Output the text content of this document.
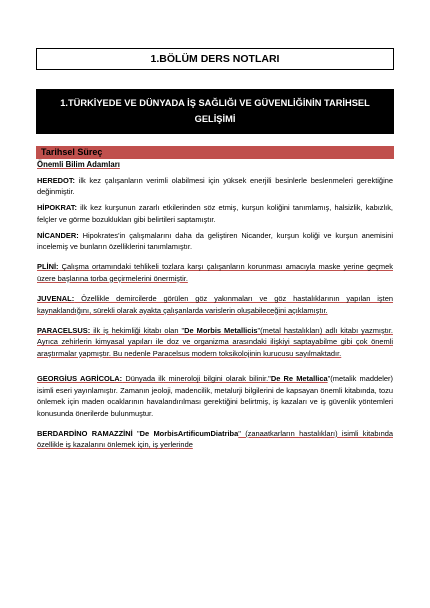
1.BÖLÜM DERS NOTLARI
1.TÜRKİYEDE VE DÜNYADA İŞ SAĞLIĞI VE GÜVENLİĞİNİN TARİHSEL
GELİŞİMİ
Tarihsel Süreç

Önemli Bilim Adamları

HEREDOT: ilk kez çalışanların verimli olabilmesi için yüksek enerjili besinlerle beslenmeleri gerektiğine değinmiştir.

HİPOKRAT: ilk kez kurşunun zararlı etkilerinden söz etmiş, kurşun koliğini tanımlamış, halsizlik, kabızlık, felçler ve görme bozuklukları gibi belirtileri saptamıştır.

NİCANDER: Hipokrates'in çalışmalarını daha da geliştiren Nicander, kurşun koliği ve kurşun anemisini incelemiş ve bunların özelliklerini tanımlamıştır.

PLİNİ: Çalışma ortamındaki tehlikeli tozlara karşı çalışanların korunması amacıyla maske yerine geçmek üzere başlarına torba geçirmelerini önermiştir.

JUVENAL: Özellikle demircilerde görülen göz yakınmaları ve göz hastalıklarının yapılan işten kaynaklandığını, sürekli olarak ayakta çalışanlarda varislerin oluşabileceğini açıklamıştır.

PARACELSUS: ilk iş hekimliği kitabı olan "De Morbis Metallicis"(metal hastalıkları) adlı kitabı yazmıştır. Ayrıca zehirlerin kimyasal yapıları ile doz ve organizma arasındaki ilişkiyi saptayabilme gibi çok önemli araştırmalar yapmıştır. Bu nedenle Paracelsus modern toksikolojinin kurucusu sayılmaktadır.

GEORGİUS AGRİCOLA: Dünyada ilk mineroloji bilgini olarak bilinir."De Re Metallica"(metalik maddeler) isimli eseri yayınlamıştır. Zamanın jeoloji, madencilik, metalurji bilgilerini de kapsayan önemli kitabında, tozu önlemek için maden ocaklarının havalandırılması gerektiğini belirtmiş, iş kazaları ve iş güvenlik yöntemleri konusunda önerilerde bulunmuştur.

BERDARDİNO RAMAZZİNİ "De MorbisArtificumDiatriba" (zanaatkarların hastalıkları) isimli kitabında özellikle iş kazalarını önlemek için, iş yerlerinde
